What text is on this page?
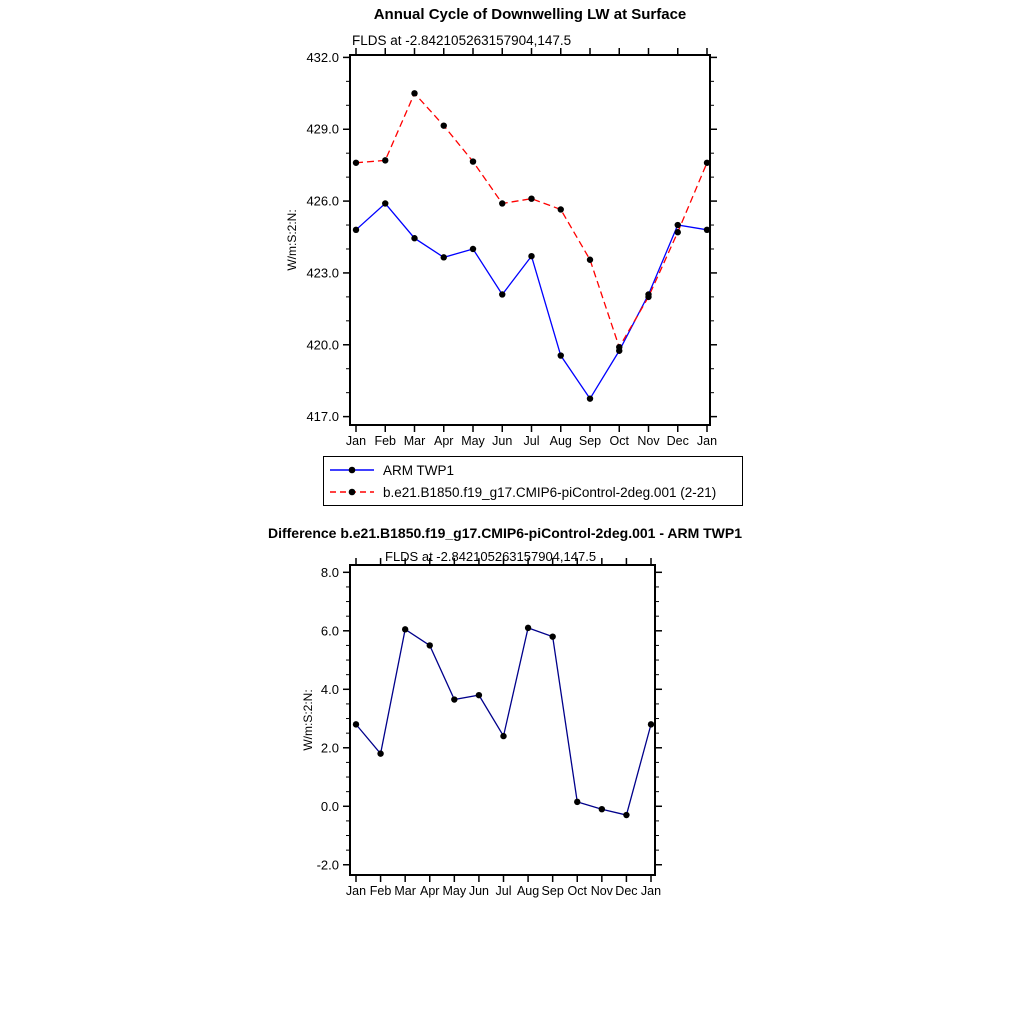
Annual Cycle of Downwelling LW at Surface
FLDS at -2.842105263157904,147.5
W/m:S:2:N:
Difference b.e21.B1850.f19_g17.CMIP6-piControl-2deg.001 - ARM TWP1
FLDS at -2.842105263157904,147.5
W/m:S:2:N:
417.0
420.0
423.0
426.0
429.0
432.0
Jan Feb Mar Apr May Jun Jul Aug Sep Oct Nov Dec Jan
-2.0
0.0
2.0
4.0
6.0
8.0
Jan Feb Mar Apr May Jun Jul Aug Sep Oct Nov Dec Jan
ARM TWP1
b.e21.B1850.f19_g17.CMIP6-piControl-2deg.001 (2-21)
